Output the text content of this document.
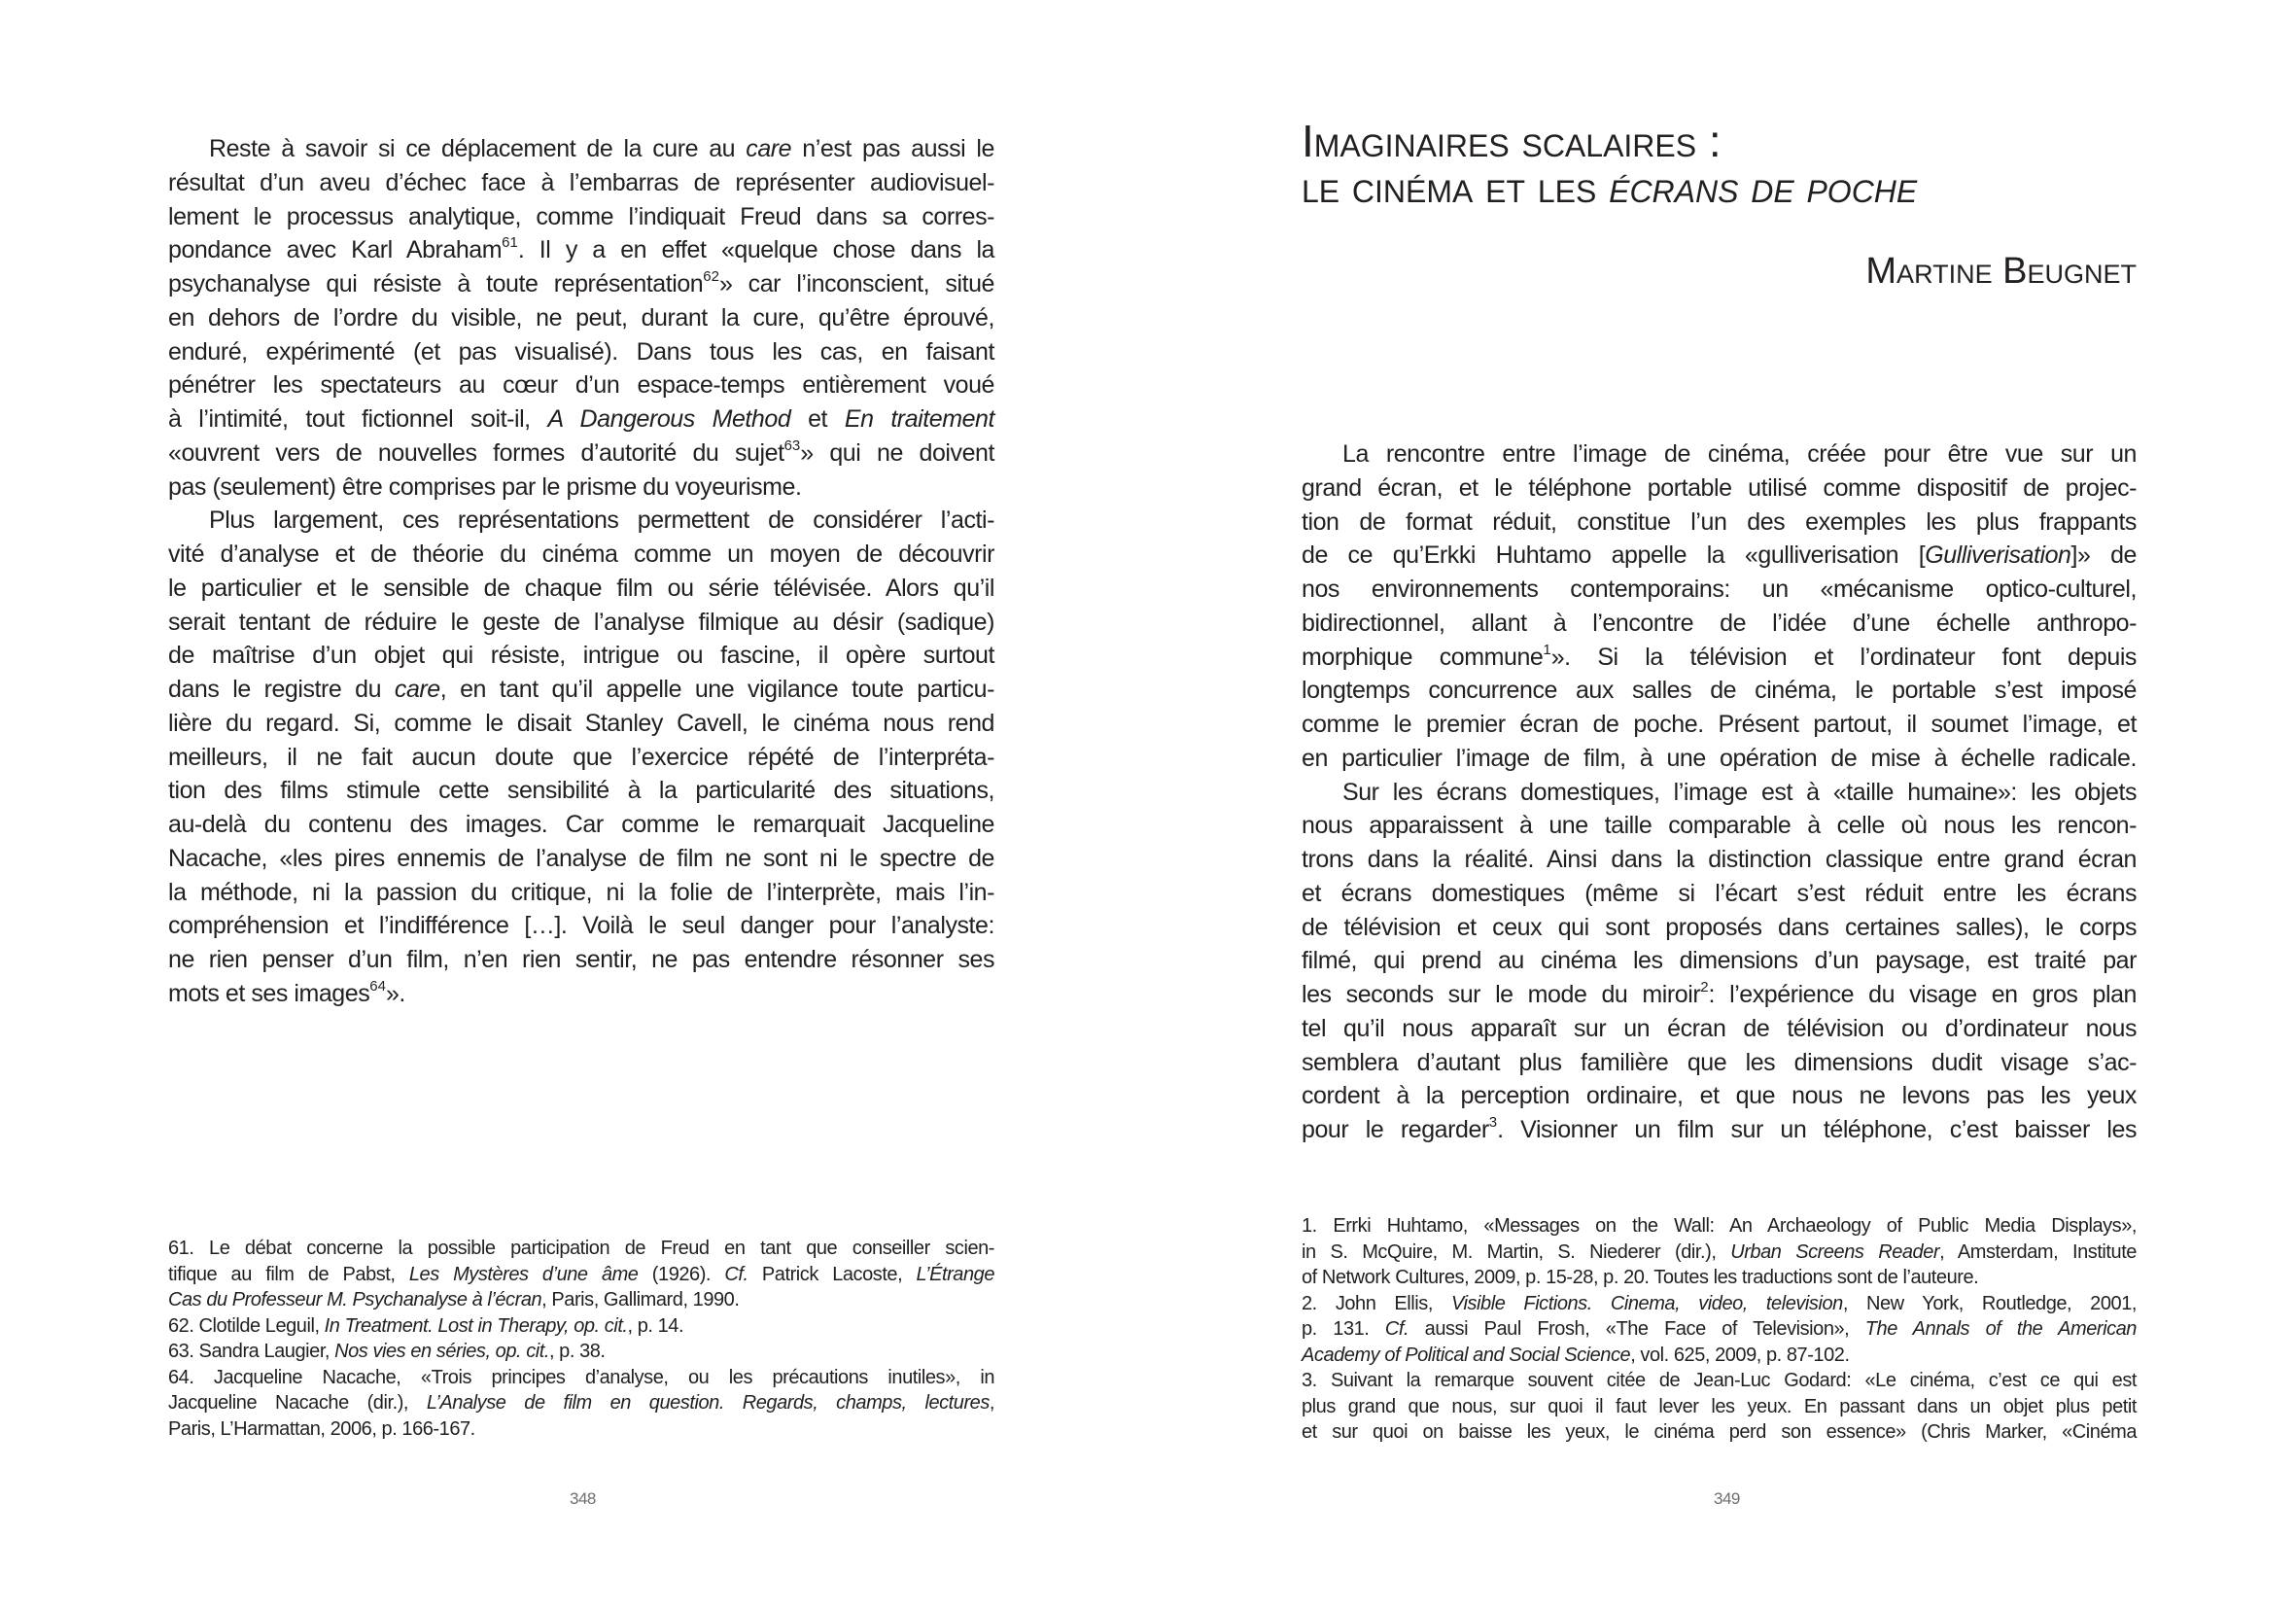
Reste à savoir si ce déplacement de la cure au care n’est pas aussi le
résultat d’un aveu d’échec face à l’embarras de représenter audiovisuel-
lement le processus analytique, comme l’indiquait Freud dans sa corres-
pondance avec Karl Abraham$^{61}$. Il y a en effet «quelque chose dans la
psychanalyse qui résiste à toute représentation$^{62}$» car l’inconscient, situé
en dehors de l’ordre du visible, ne peut, durant la cure, qu’être éprouvé,
enduré, expérimenté (et pas visualisé). Dans tous les cas, en faisant
pénétrer les spectateurs au cœur d’un espace-temps entièrement voué
à l’intimité, tout fictionnel soit-il, A Dangerous Method et En traitement
«ouvrent vers de nouvelles formes d’autorité du sujet$^{63}$» qui ne doivent
pas (seulement) être comprises par le prisme du voyeurisme.
Plus largement, ces représentations permettent de considérer l’acti-
vité d’analyse et de théorie du cinéma comme un moyen de découvrir
le particulier et le sensible de chaque film ou série télévisée. Alors qu’il
serait tentant de réduire le geste de l’analyse filmique au désir (sadique)
de maîtrise d’un objet qui résiste, intrigue ou fascine, il opère surtout
dans le registre du care, en tant qu’il appelle une vigilance toute particu-
lière du regard. Si, comme le disait Stanley Cavell, le cinéma nous rend
meilleurs, il ne fait aucun doute que l’exercice répété de l’interpréta-
tion des films stimule cette sensibilité à la particularité des situations,
au-delà du contenu des images. Car comme le remarquait Jacqueline
Nacache, «les pires ennemis de l’analyse de film ne sont ni le spectre de
la méthode, ni la passion du critique, ni la folie de l’interprète, mais l’in-
compréhension et l’indifférence […]. Voilà le seul danger pour l’analyste:
ne rien penser d’un film, n’en rien sentir, ne pas entendre résonner ses
mots et ses images$^{64}$».
61. Le débat concerne la possible participation de Freud en tant que conseiller scien-
tifique au film de Pabst, Les Mystères d’une âme (1926). Cf. Patrick Lacoste, L’Étrange
Cas du Professeur M. Psychanalyse à l’écran, Paris, Gallimard, 1990.
62. Clotilde Leguil, In Treatment. Lost in Therapy, op. cit., p. 14.
63. Sandra Laugier, Nos vies en séries, op. cit., p. 38.
64. Jacqueline Nacache, «Trois principes d’analyse, ou les précautions inutiles», in
Jacqueline Nacache (dir.), L’Analyse de film en question. Regards, champs, lectures,
Paris, L’Harmattan, 2006, p. 166-167.
348
Imaginaires scalaires :
le cinéma et les écrans de poche
Martine Beugnet
La rencontre entre l’image de cinéma, créée pour être vue sur un
grand écran, et le téléphone portable utilisé comme dispositif de projec-
tion de format réduit, constitue l’un des exemples les plus frappants
de ce qu’Erkki Huhtamo appelle la «gulliverisation [Gulliverisation]» de
nos environnements contemporains: un «mécanisme optico-culturel,
bidirectionnel, allant à l’encontre de l’idée d’une échelle anthropo-
morphique commune$^1$». Si la télévision et l’ordinateur font depuis
longtemps concurrence aux salles de cinéma, le portable s’est imposé
comme le premier écran de poche. Présent partout, il soumet l’image, et
en particulier l’image de film, à une opération de mise à échelle radicale.
Sur les écrans domestiques, l’image est à «taille humaine»: les objets
nous apparaissent à une taille comparable à celle où nous les rencon-
trons dans la réalité. Ainsi dans la distinction classique entre grand écran
et écrans domestiques (même si l’écart s’est réduit entre les écrans
de télévision et ceux qui sont proposés dans certaines salles), le corps
filmé, qui prend au cinéma les dimensions d’un paysage, est traité par
les seconds sur le mode du miroir$^2$: l’expérience du visage en gros plan
tel qu’il nous apparaît sur un écran de télévision ou d’ordinateur nous
semblera d’autant plus familière que les dimensions dudit visage s’ac-
cordent à la perception ordinaire, et que nous ne levons pas les yeux
pour le regarder$^3$. Visionner un film sur un téléphone, c’est baisser les
1. Errki Huhtamo, «Messages on the Wall: An Archaeology of Public Media Displays»,
in S. McQuire, M. Martin, S. Niederer (dir.), Urban Screens Reader, Amsterdam, Institute
of Network Cultures, 2009, p. 15-28, p. 20. Toutes les traductions sont de l’auteure.
2. John Ellis, Visible Fictions. Cinema, video, television, New York, Routledge, 2001,
p. 131. Cf. aussi Paul Frosh, «The Face of Television», The Annals of the American
Academy of Political and Social Science, vol. 625, 2009, p. 87-102.
3. Suivant la remarque souvent citée de Jean-Luc Godard: «Le cinéma, c’est ce qui est
plus grand que nous, sur quoi il faut lever les yeux. En passant dans un objet plus petit
et sur quoi on baisse les yeux, le cinéma perd son essence» (Chris Marker, «Cinéma
349
